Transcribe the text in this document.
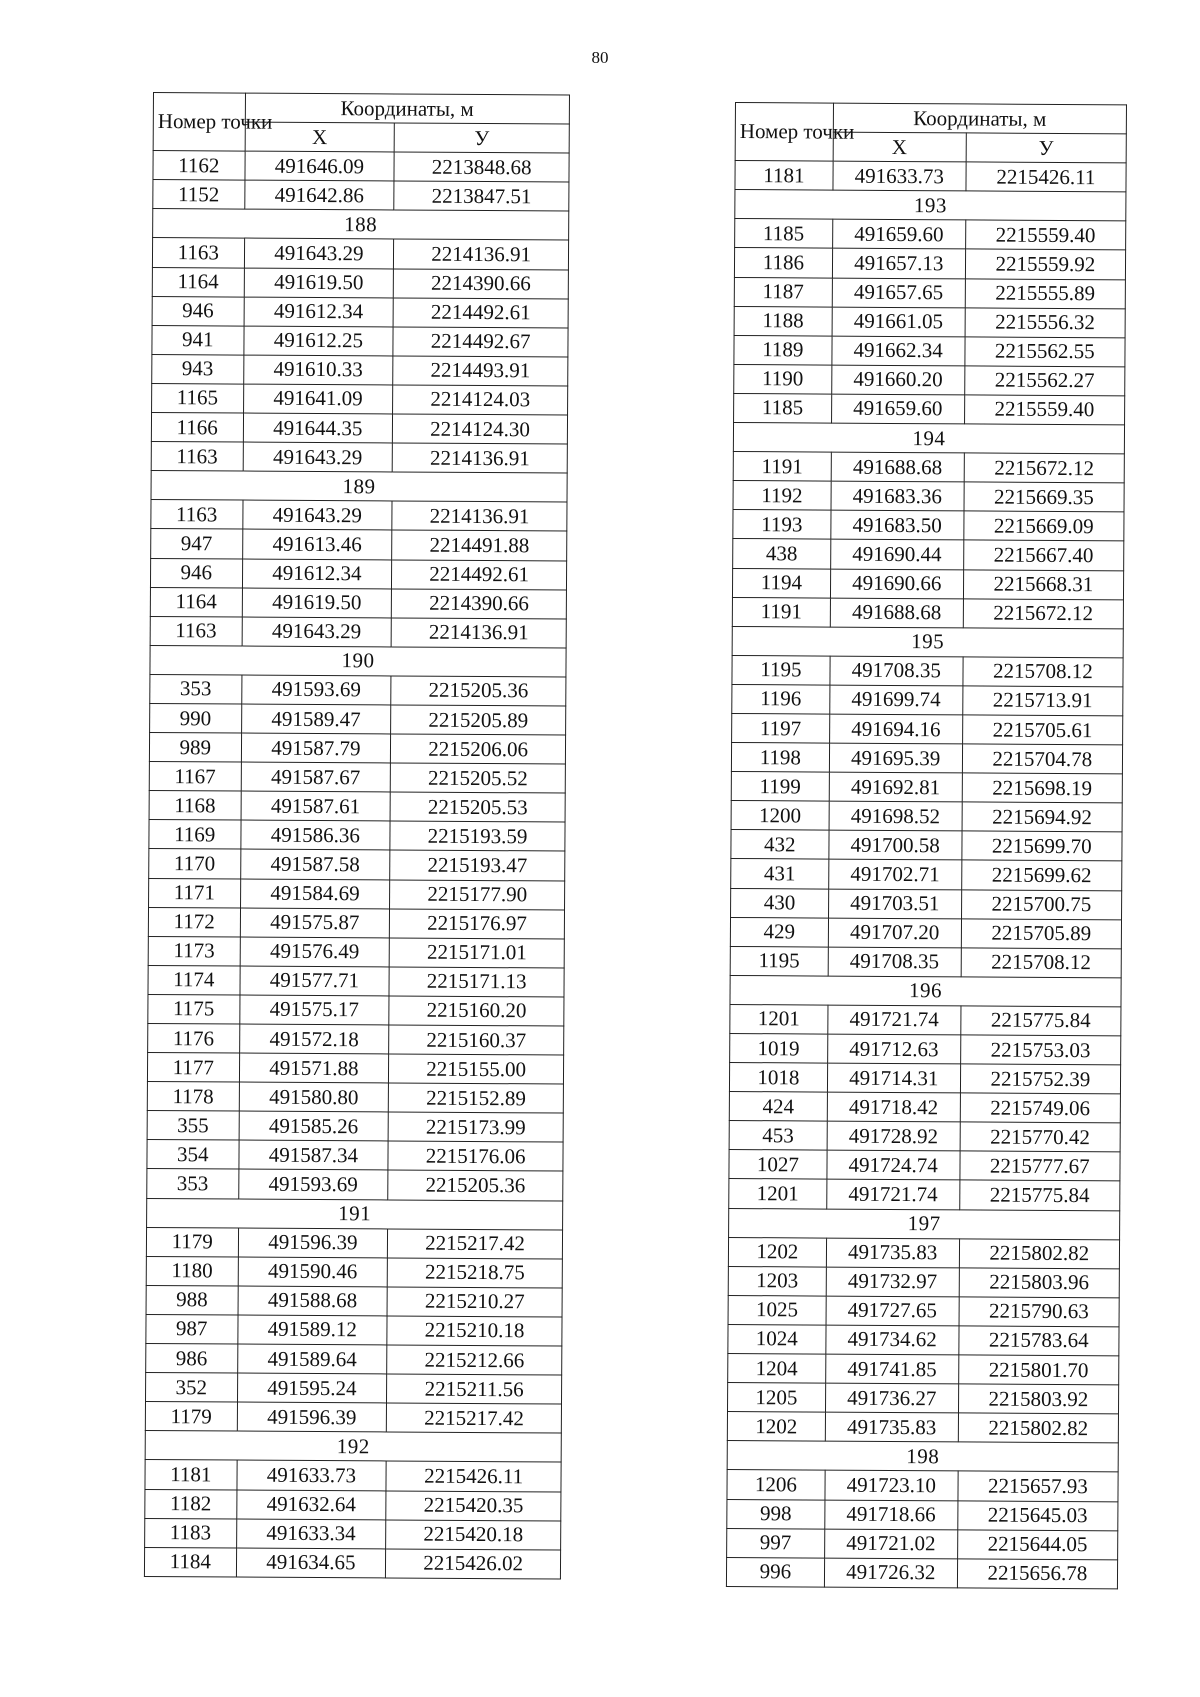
80
Номер точки	Координаты, м	
	X	У
1162	491646.09	2213848.68
1152	491642.86	2213847.51
188		
1163	491643.29	2214136.91
1164	491619.50	2214390.66
946	491612.34	2214492.61
941	491612.25	2214492.67
943	491610.33	2214493.91
1165	491641.09	2214124.03
1166	491644.35	2214124.30
1163	491643.29	2214136.91
189		
1163	491643.29	2214136.91
947	491613.46	2214491.88
946	491612.34	2214492.61
1164	491619.50	2214390.66
1163	491643.29	2214136.91
190		
353	491593.69	2215205.36
990	491589.47	2215205.89
989	491587.79	2215206.06
1167	491587.67	2215205.52
1168	491587.61	2215205.53
1169	491586.36	2215193.59
1170	491587.58	2215193.47
1171	491584.69	2215177.90
1172	491575.87	2215176.97
1173	491576.49	2215171.01
1174	491577.71	2215171.13
1175	491575.17	2215160.20
1176	491572.18	2215160.37
1177	491571.88	2215155.00
1178	491580.80	2215152.89
355	491585.26	2215173.99
354	491587.34	2215176.06
353	491593.69	2215205.36
191		
1179	491596.39	2215217.42
1180	491590.46	2215218.75
988	491588.68	2215210.27
987	491589.12	2215210.18
986	491589.64	2215212.66
352	491595.24	2215211.56
1179	491596.39	2215217.42
192		
1181	491633.73	2215426.11
1182	491632.64	2215420.35
1183	491633.34	2215420.18
1184	491634.65	2215426.02
Номер точки	Координаты, м	
	X	У
1181	491633.73	2215426.11
193		
1185	491659.60	2215559.40
1186	491657.13	2215559.92
1187	491657.65	2215555.89
1188	491661.05	2215556.32
1189	491662.34	2215562.55
1190	491660.20	2215562.27
1185	491659.60	2215559.40
194		
1191	491688.68	2215672.12
1192	491683.36	2215669.35
1193	491683.50	2215669.09
438	491690.44	2215667.40
1194	491690.66	2215668.31
1191	491688.68	2215672.12
195		
1195	491708.35	2215708.12
1196	491699.74	2215713.91
1197	491694.16	2215705.61
1198	491695.39	2215704.78
1199	491692.81	2215698.19
1200	491698.52	2215694.92
432	491700.58	2215699.70
431	491702.71	2215699.62
430	491703.51	2215700.75
429	491707.20	2215705.89
1195	491708.35	2215708.12
196		
1201	491721.74	2215775.84
1019	491712.63	2215753.03
1018	491714.31	2215752.39
424	491718.42	2215749.06
453	491728.92	2215770.42
1027	491724.74	2215777.67
1201	491721.74	2215775.84
197		
1202	491735.83	2215802.82
1203	491732.97	2215803.96
1025	491727.65	2215790.63
1024	491734.62	2215783.64
1204	491741.85	2215801.70
1205	491736.27	2215803.92
1202	491735.83	2215802.82
198		
1206	491723.10	2215657.93
998	491718.66	2215645.03
997	491721.02	2215644.05
996	491726.32	2215656.78
